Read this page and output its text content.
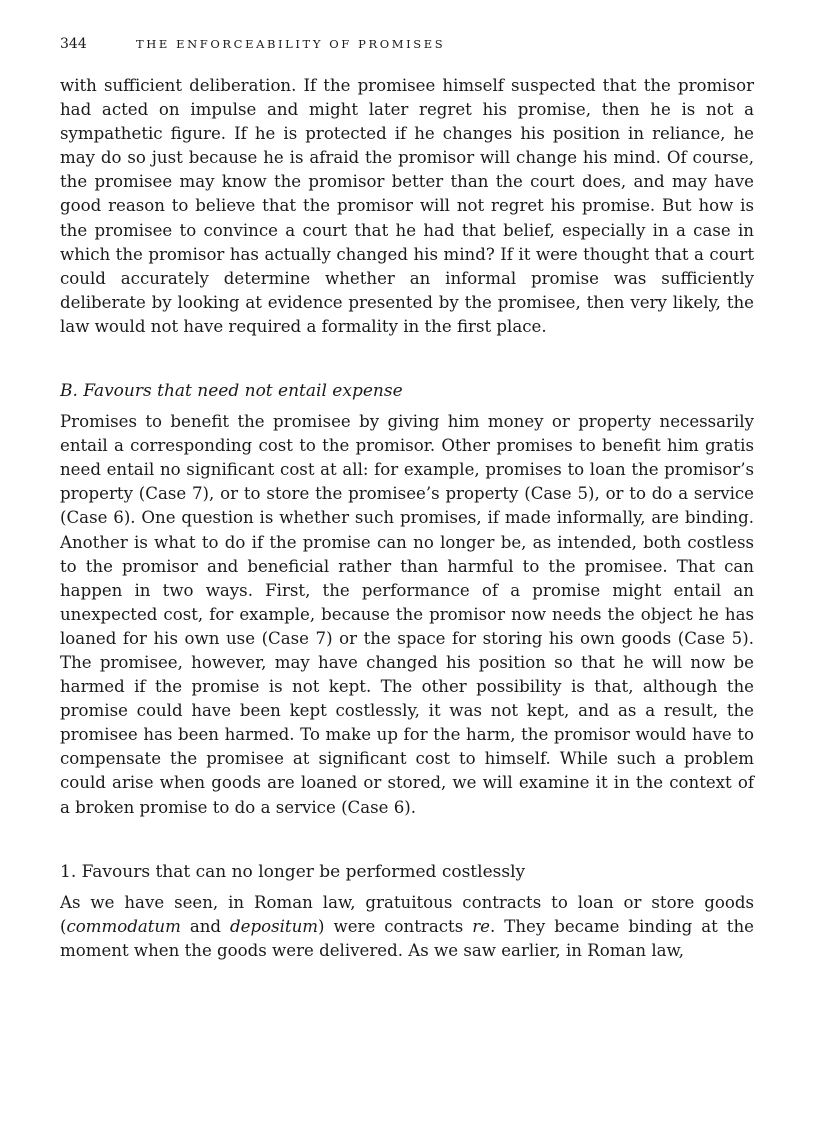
344	THE ENFORCEABILITY OF PROMISES

with sufficient deliberation. If the promisee himself suspected that the promisor had acted on impulse and might later regret his promise, then he is not a sympathetic figure. If he is protected if he changes his position in reliance, he may do so just because he is afraid the promisor will change his mind. Of course, the promisee may know the promisor better than the court does, and may have good reason to believe that the promisor will not regret his promise. But how is the promisee to convince a court that he had that belief, especially in a case in which the promisor has actually changed his mind? If it were thought that a court could accurately determine whether an informal promise was sufficiently deliberate by looking at evidence presented by the promisee, then very likely, the law would not have required a formality in the first place.

B. Favours that need not entail expense

Promises to benefit the promisee by giving him money or property necessarily entail a corresponding cost to the promisor. Other promises to benefit him gratis need entail no significant cost at all: for example, promises to loan the promisor’s property (Case 7), or to store the promisee’s property (Case 5), or to do a service (Case 6). One question is whether such promises, if made informally, are binding. Another is what to do if the promise can no longer be, as intended, both costless to the promisor and beneficial rather than harmful to the promisee. That can happen in two ways. First, the performance of a promise might entail an unexpected cost, for example, because the promisor now needs the object he has loaned for his own use (Case 7) or the space for storing his own goods (Case 5). The promisee, however, may have changed his position so that he will now be harmed if the promise is not kept. The other possibility is that, although the promise could have been kept costlessly, it was not kept, and as a result, the promisee has been harmed. To make up for the harm, the promisor would have to compensate the promisee at significant cost to himself. While such a problem could arise when goods are loaned or stored, we will examine it in the context of a broken promise to do a service (Case 6).

1. Favours that can no longer be performed costlessly

As we have seen, in Roman law, gratuitous contracts to loan or store goods (commodatum and depositum) were contracts re. They became binding at the moment when the goods were delivered. As we saw earlier, in Roman law,
